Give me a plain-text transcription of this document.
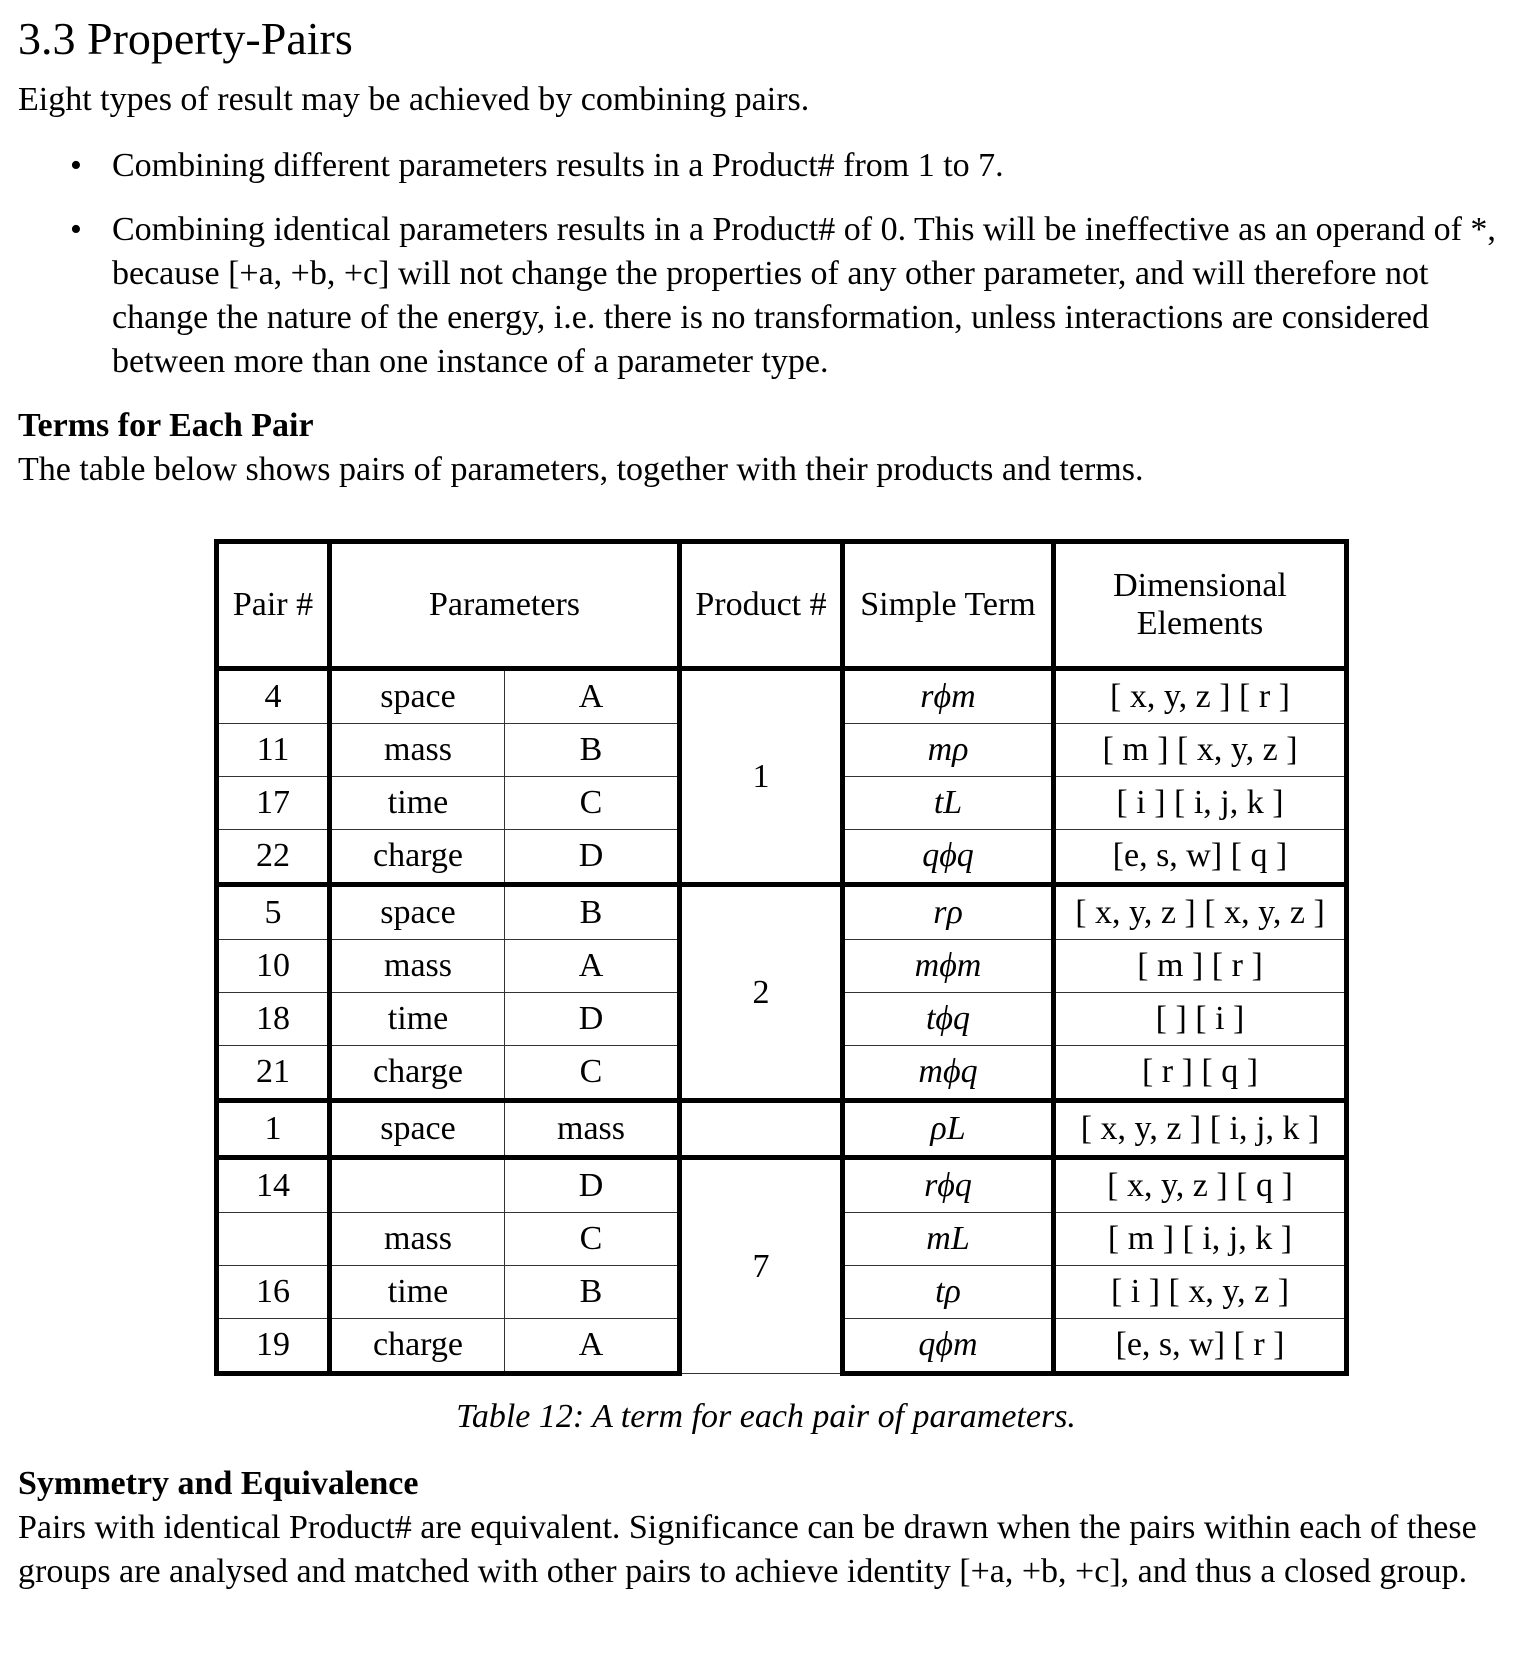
3.3 Property-Pairs

Eight types of result may be achieved by combining pairs.

• Combining different parameters results in a Product# from 1 to 7.
• Combining identical parameters results in a Product# of 0. This will be ineffective as an operand of *, because [+a, +b, +c] will not change the properties of any other parameter, and will therefore not change the nature of the energy, i.e. there is no transformation, unless interactions are considered between more than one instance of a parameter type.
Terms for Each Pair

The table below shows pairs of parameters, together with their products and terms.

Pair #	Parameters		Product #	Simple Term	Dimensional Elements
4	space	A	1	rϕm	[ x, y, z ] [ r ]
11	mass	B		mρ	[ m ] [ x, y, z ]
17	time	C		tL	[ i ] [ i, j, k ]
22	charge	D		qϕq	[e, s, w] [ q ]
5	space	B	2	rρ	[ x, y, z ] [ x, y, z ]
10	mass	A		mϕm	[ m ] [ r ]
18	time	D		tϕq	[ ] [ i ]
21	charge	C		mϕq	[ r ] [ q ]
1	space	mass		ρL	[ x, y, z ] [ i, j, k ]
14		D	7	rϕq	[ x, y, z ] [ q ]
	mass	C		mL	[ m ] [ i, j, k ]
16	time	B		tρ	[ i ] [ x, y, z ]
19	charge	A		qϕm	[e, s, w] [ r ]
Table 12: A term for each pair of parameters.
Symmetry and Equivalence

Pairs with identical Product# are equivalent. Significance can be drawn when the pairs within each of these groups are analysed and matched with other pairs to achieve identity [+a, +b, +c], and thus a closed group.
